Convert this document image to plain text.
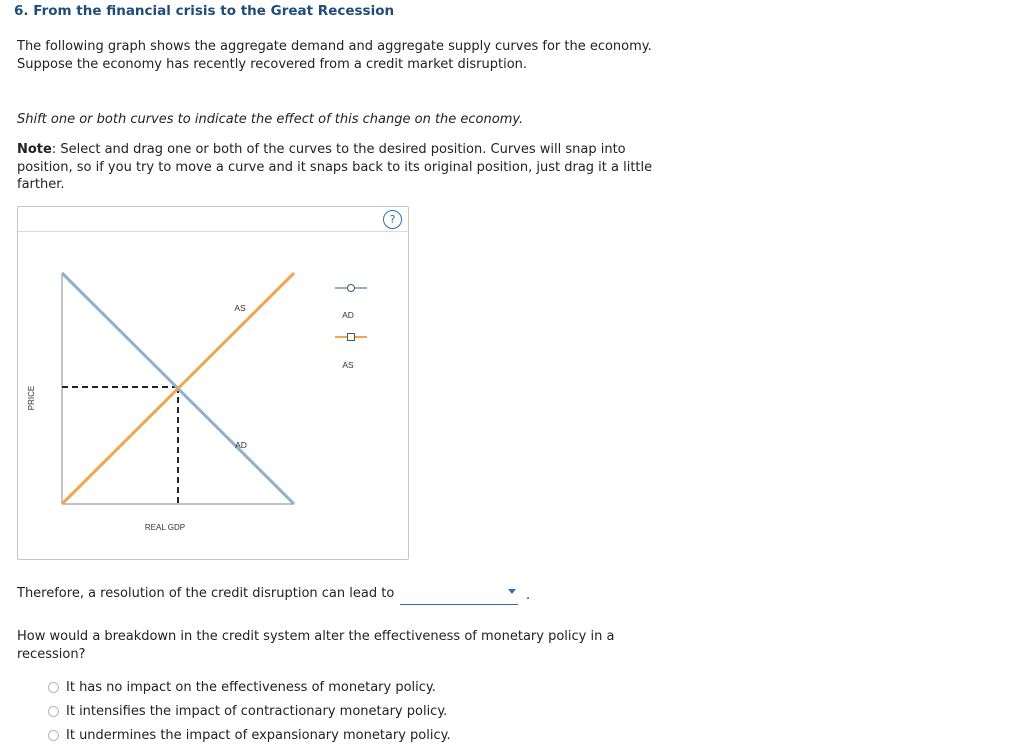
6. From the financial crisis to the Great Recession
The following graph shows the aggregate demand and aggregate supply curves for the economy.
Suppose the economy has recently recovered from a credit market disruption.
Shift one or both curves to indicate the effect of this change on the economy.
Note: Select and drag one or both of the curves to the desired position. Curves will snap into
position, so if you try to move a curve and it snaps back to its original position, just drag it a little
farther.
?
AS
AD
REAL GDP
PRICE
AD
AS
Therefore, a resolution of the credit disruption can lead to	.
How would a breakdown in the credit system alter the effectiveness of monetary policy in a
recession?
It has no impact on the effectiveness of monetary policy.
It intensifies the impact of contractionary monetary policy.
It undermines the impact of expansionary monetary policy.
